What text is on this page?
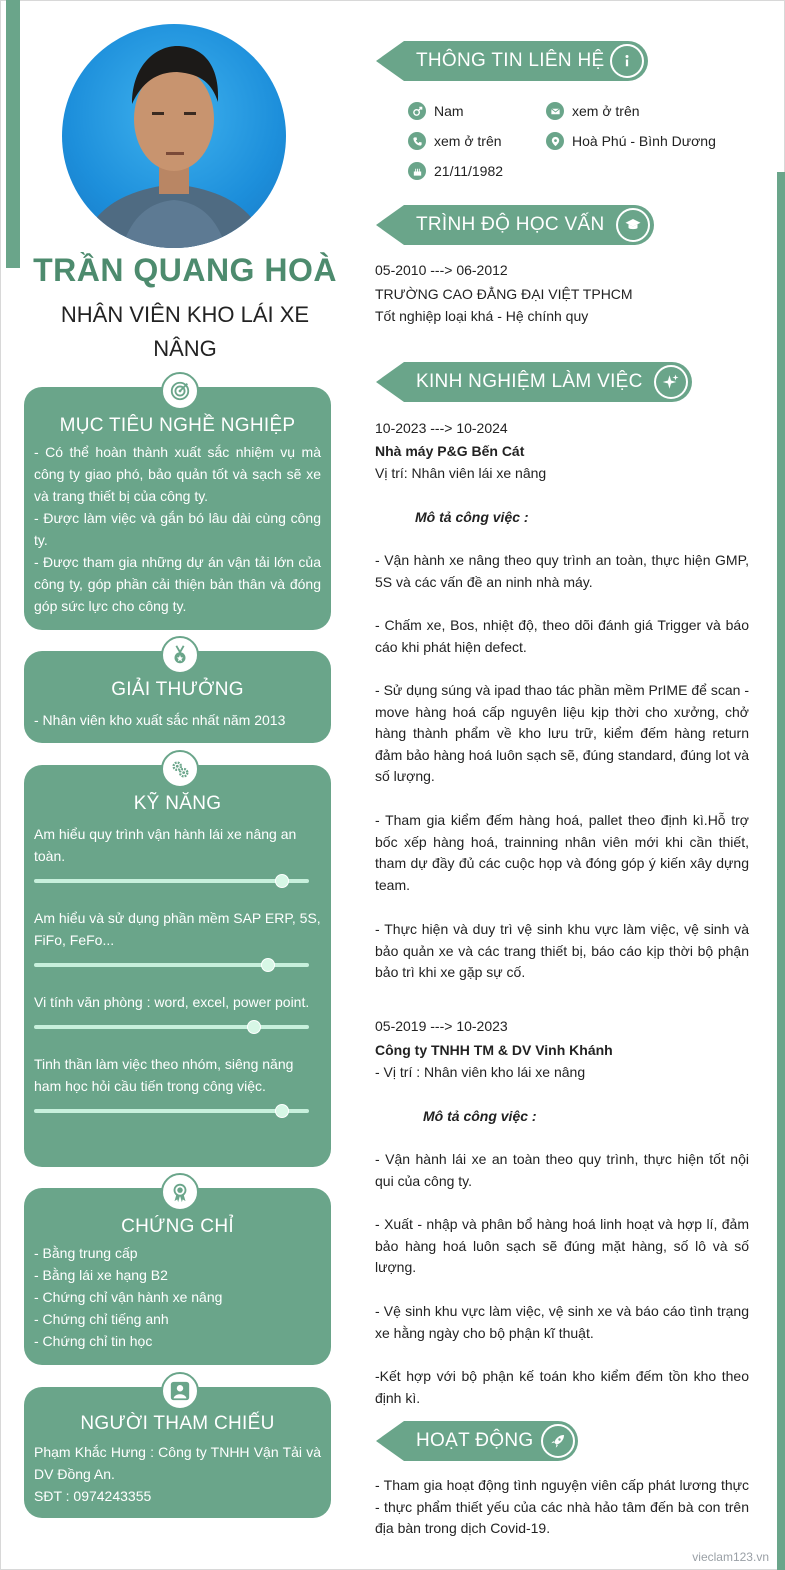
TRẦN QUANG HOÀ
NHÂN VIÊN KHO LÁI XE NÂNG
MỤC TIÊU NGHỀ NGHIỆP
- Có thể hoàn thành xuất sắc nhiệm vụ mà công ty giao phó, bảo quản tốt và sạch sẽ xe và trang thiết bị của công ty.
- Được làm việc và gắn bó lâu dài cùng công ty.
- Được tham gia những dự án vận tải lớn của công ty, góp phần cải thiện bản thân và đóng góp sức lực cho công ty.
GIẢI THƯỞNG
- Nhân viên kho xuất sắc nhất năm 2013
KỸ NĂNG
Am hiểu quy trình vận hành lái xe nâng an toàn.
Am hiểu và sử dụng phần mềm SAP ERP, 5S, FiFo, FeFo...
Vi tính văn phòng : word, excel, power point.
Tinh thần làm việc theo nhóm, siêng năng ham học hỏi cầu tiến trong công việc.
CHỨNG CHỈ
- Bằng trung cấp
- Bằng lái xe hạng B2
- Chứng chỉ vận hành xe nâng
- Chứng chỉ tiếng anh
- Chứng chỉ tin học
NGƯỜI THAM CHIẾU
Phạm Khắc Hưng : Công ty TNHH Vận Tải và DV Đồng An.
SĐT : 0974243355
THÔNG TIN LIÊN HỆ
Nam	xem ở trên
xem ở trên	Hoà Phú - Bình Dương
21/11/1982
TRÌNH ĐỘ HỌC VẤN
05-2010 ---> 06-2012
TRƯỜNG CAO ĐẲNG ĐẠI VIỆT TPHCM
Tốt nghiệp loại khá - Hệ chính quy
KINH NGHIỆM LÀM VIỆC
10-2023 ---> 10-2024
Nhà máy P&G Bến Cát
Vị trí: Nhân viên lái xe nâng
Mô tả công việc :
- Vận hành xe nâng theo quy trình an toàn, thực hiện GMP, 5S và các vấn đề an ninh nhà máy.
- Chấm xe, Bos, nhiệt độ, theo dõi đánh giá Trigger và báo cáo khi phát hiện defect.
- Sử dụng súng và ipad thao tác phần mềm PrIME để scan - move hàng hoá cấp nguyên liệu kịp thời cho xưởng, chở hàng thành phẩm về kho lưu trữ, kiểm đếm hàng return đảm bảo hàng hoá luôn sạch sẽ, đúng standard, đúng lot và số lượng.
- Tham gia kiểm đếm hàng hoá, pallet theo định kì.Hỗ trợ bốc xếp hàng hoá, trainning nhân viên mới khi cần thiết, tham dự đầy đủ các cuộc họp và đóng góp ý kiến xây dựng team.
- Thực hiện và duy trì vệ sinh khu vực làm việc, vệ sinh và bảo quản xe và các trang thiết bị, báo cáo kịp thời bộ phận bảo trì khi xe gặp sự cố.
05-2019 ---> 10-2023
Công ty TNHH TM & DV Vinh Khánh
- Vị trí : Nhân viên kho lái xe nâng
Mô tả công việc :
- Vận hành lái xe an toàn theo quy trình, thực hiện tốt nội qui của công ty.
- Xuất - nhập và phân bổ hàng hoá linh hoạt và hợp lí, đảm bảo hàng hoá luôn sạch sẽ đúng mặt hàng, số lô và số lượng.
- Vệ sinh khu vực làm việc, vệ sinh xe và báo cáo tình trạng xe hằng ngày cho bộ phận kĩ thuật.
-Kết hợp với bộ phận kế toán kho kiểm đếm tồn kho theo định kì.
HOẠT ĐỘNG
- Tham gia hoạt động tình nguyện viên cấp phát lương thực - thực phẩm thiết yếu của các nhà hảo tâm đến bà con trên địa bàn trong dịch Covid-19.
vieclam123.vn
